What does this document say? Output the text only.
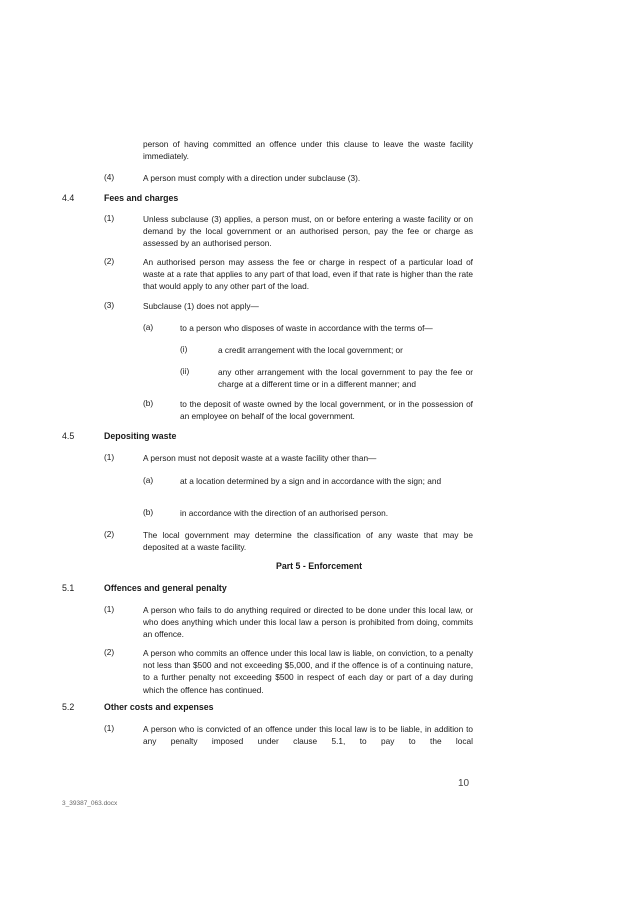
person of having committed an offence under this clause to leave the waste facility immediately.
(4)	A person must comply with a direction under subclause (3).
4.4	Fees and charges
(1)	Unless subclause (3) applies, a person must, on or before entering a waste facility or on demand by the local government or an authorised person, pay the fee or charge as assessed by an authorised person.
(2)	An authorised person may assess the fee or charge in respect of a particular load of waste at a rate that applies to any part of that load, even if that rate is higher than the rate that would apply to any other part of the load.
(3)	Subclause (1) does not apply—
(a)	to a person who disposes of waste in accordance with the terms of—
(i)	a credit arrangement with the local government; or
(ii)	any other arrangement with the local government to pay the fee or charge at a different time or in a different manner; and
(b)	to the deposit of waste owned by the local government, or in the possession of an employee on behalf of the local government.
4.5	Depositing waste
(1)	A person must not deposit waste at a waste facility other than—
(a)	at a location determined by a sign and in accordance with the sign; and
(b)	in accordance with the direction of an authorised person.
(2)	The local government may determine the classification of any waste that may be deposited at a waste facility.
Part 5 - Enforcement
5.1	Offences and general penalty
(1)	A person who fails to do anything required or directed to be done under this local law, or who does anything which under this local law a person is prohibited from doing, commits an offence.
(2)	A person who commits an offence under this local law is liable, on conviction, to a penalty not less than $500 and not exceeding $5,000, and if the offence is of a continuing nature, to a further penalty not exceeding $500 in respect of each day or part of a day during which the offence has continued.
5.2	Other costs and expenses
(1)	A person who is convicted of an offence under this local law is to be liable, in addition to any penalty imposed under clause 5.1, to pay to the local
10
3_39387_063.docx
